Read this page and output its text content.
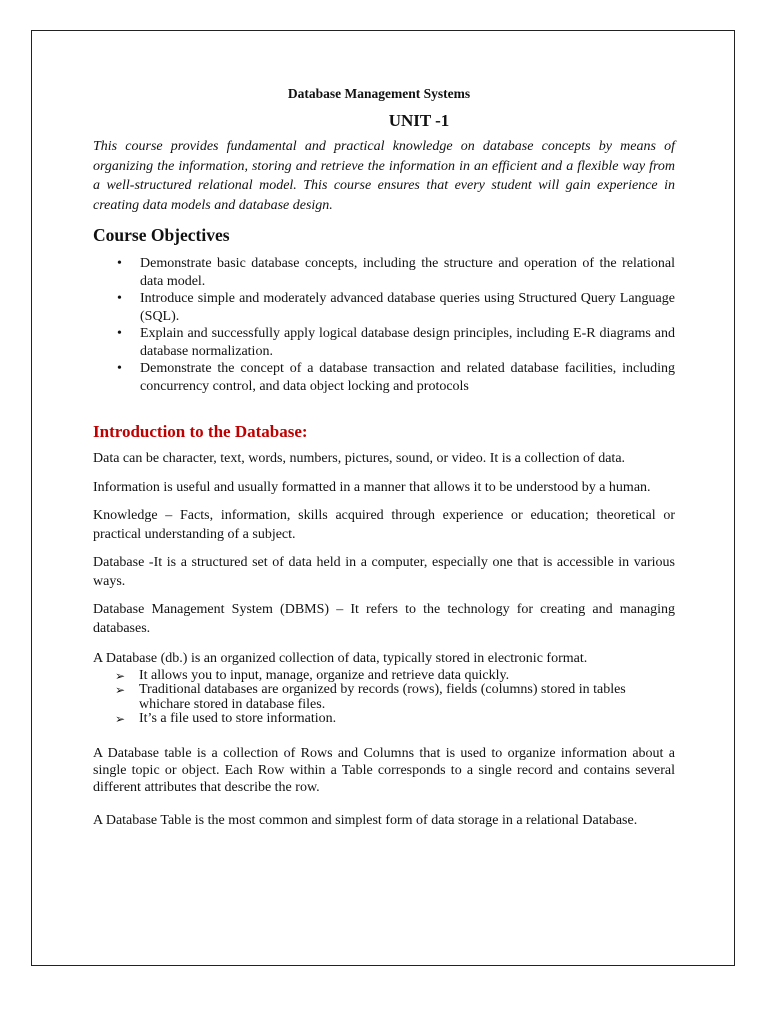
Database Management Systems

UNIT -1

This course provides fundamental and practical knowledge on database concepts by means of organizing the information, storing and retrieve the information in an efficient and a flexible way from a well-structured relational model. This course ensures that every student will gain experience in creating data models and database design.

Course Objectives

• Demonstrate basic database concepts, including the structure and operation of the relational data model.
• Introduce simple and moderately advanced database queries using Structured Query Language (SQL).
• Explain and successfully apply logical database design principles, including E-R diagrams and database normalization.
• Demonstrate the concept of a database transaction and related database facilities, including concurrency control, and data object locking and protocols

Introduction to the Database:

Data can be character, text, words, numbers, pictures, sound, or video. It is a collection of data.

Information is useful and usually formatted in a manner that allows it to be understood by a human.

Knowledge – Facts, information, skills acquired through experience or education; theoretical or practical understanding of a subject.

Database -It is a structured set of data held in a computer, especially one that is accessible in various ways.

Database Management System (DBMS) – It refers to the technology for creating and managing databases.

A Database (db.) is an organized collection of data, typically stored in electronic format.

➢ It allows you to input, manage, organize and retrieve data quickly.
➢ Traditional databases are organized by records (rows), fields (columns) stored in tables whichare stored in database files.
➢ It’s a file used to store information.

A Database table is a collection of Rows and Columns that is used to organize information about a single topic or object. Each Row within a Table corresponds to a single record and contains several different attributes that describe the row.

A Database Table is the most common and simplest form of data storage in a relational Database.
